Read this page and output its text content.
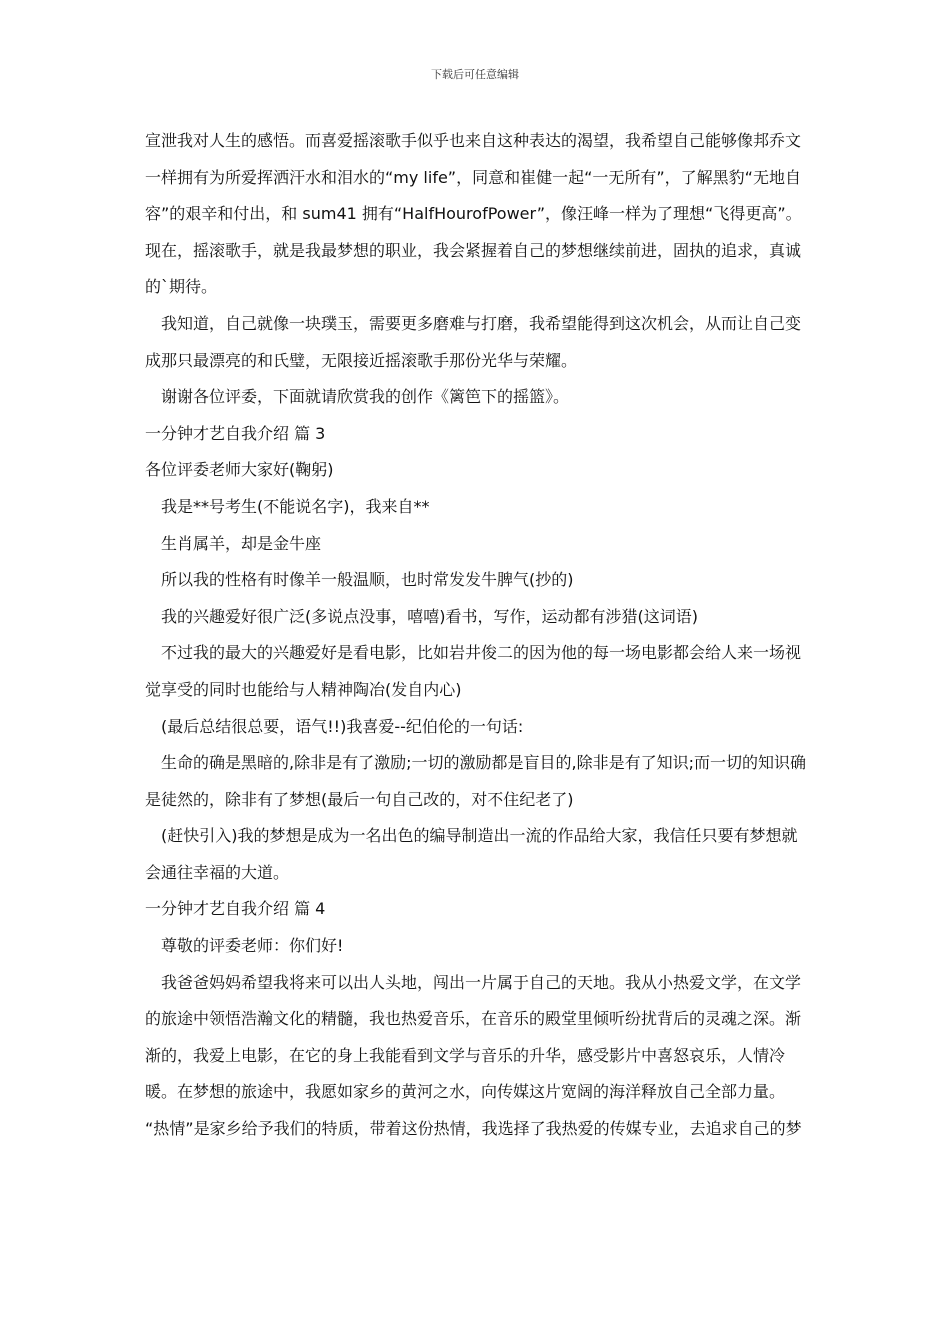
下载后可任意编辑

宣泄我对人生的感悟。而喜爱摇滚歌手似乎也来自这种表达的渴望，我希望自己能够像邦乔文一样拥有为所爱挥洒汗水和泪水的“my life”，同意和崔健一起“一无所有”，了解黑豹“无地自容”的艰辛和付出，和 sum41 拥有“HalfHourofPower”，像汪峰一样为了理想“飞得更高”。现在，摇滚歌手，就是我最梦想的职业，我会紧握着自己的梦想继续前进，固执的追求，真诚的`期待。

我知道，自己就像一块璞玉，需要更多磨难与打磨，我希望能得到这次机会，从而让自己变成那只最漂亮的和氏璧，无限接近摇滚歌手那份光华与荣耀。

谢谢各位评委，下面就请欣赏我的创作《篱笆下的摇篮》。

一分钟才艺自我介绍 篇 3

各位评委老师大家好(鞠躬)

我是**号考生(不能说名字)，我来自**

生肖属羊，却是金牛座

所以我的性格有时像羊一般温顺，也时常发发牛脾气(抄的)

我的兴趣爱好很广泛(多说点没事，嘻嘻)看书，写作，运动都有涉猎(这词语)

不过我的最大的兴趣爱好是看电影，比如岩井俊二的因为他的每一场电影都会给人来一场视觉享受的同时也能给与人精神陶冶(发自内心)

(最后总结很总要，语气!!)我喜爱--纪伯伦的一句话:

生命的确是黑暗的,除非是有了激励;一切的激励都是盲目的,除非是有了知识;而一切的知识确是徒然的，除非有了梦想(最后一句自己改的，对不住纪老了)

(赶快引入)我的梦想是成为一名出色的编导制造出一流的作品给大家，我信任只要有梦想就会通往幸福的大道。

一分钟才艺自我介绍 篇 4

尊敬的评委老师：你们好!

我爸爸妈妈希望我将来可以出人头地，闯出一片属于自己的天地。我从小热爱文学，在文学的旅途中领悟浩瀚文化的精髓，我也热爱音乐，在音乐的殿堂里倾听纷扰背后的灵魂之深。渐渐的，我爱上电影，在它的身上我能看到文学与音乐的升华，感受影片中喜怒哀乐，人情冷暖。在梦想的旅途中，我愿如家乡的黄河之水，向传媒这片宽阔的海洋释放自己全部力量。 “热情”是家乡给予我们的特质，带着这份热情，我选择了我热爱的传媒专业，去追求自己的梦
